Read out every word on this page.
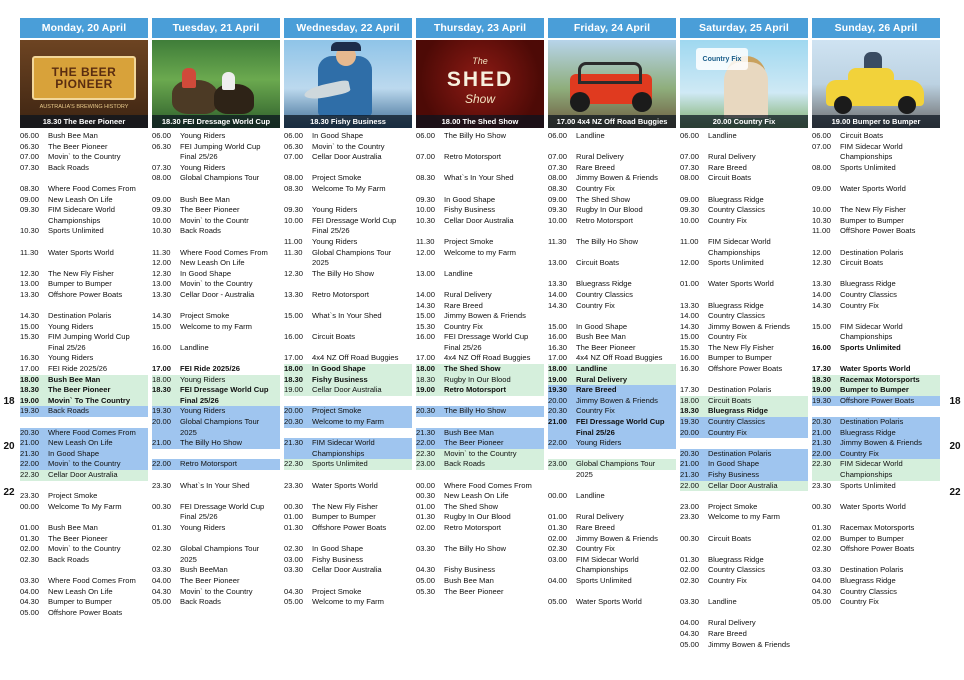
18
20
22
18
20
22
Monday, 20 April
THE BEER PIONEER
AUSTRALIA'S BREWING HISTORY
18.30 The Beer Pioneer
06.00	Bush Bee Man
06.30	The Beer Pioneer
07.00	Movin` to the Country
07.30	Back Roads
08.30	Where Food Comes From
09.00	New Leash On Life
09.30	FIM Sidecare World
Championships
10.30	Sports Unlimited
11.30	Water Sports World
12.30	The New Fly Fisher
13.00	Bumper to Bumper
13.30	Offshore Power Boats
14.30	Destination Polaris
15.00	Young Riders
15.30	FIM Jumping World Cup
Final 25/26
16.30	Young Riders
17.00	FEI Ride 2025/26
18.00	Bush Bee Man
18.30	The Beer Pioneer
19.00	Movin` To The Country
19.30	Back Roads
20.30	Where Food Comes From
21.00	New Leash On Life
21.30	In Good Shape
22.00	Movin` to the Country
22.30	Cellar Door Australia
23.30	Project Smoke
00.00	Welcome To My Farm
01.00	Bush Bee Man
01.30	The Beer Pioneer
02.00	Movin` to the Country
02.30	Back Roads
03.30	Where Food Comes From
04.00	New Leash On Life
04.30	Bumper to Bumper
05.00	Offshore Power Boats
Tuesday, 21 April
18.30 FEI Dressage World Cup
06.00	Young Riders
06.30	FEI Jumping World Cup
Final 25/26
07.30	Young Riders
08.00	Global Champions Tour
09.00	Bush Bee Man
09.30	The Beer Pioneer
10.00	Movin` to the Countr
10.30	Back Roads
11.30	Where Food Comes From
12.00	New Leash On Life
12.30	In Good Shape
13.00	Movin` to the Country
13.30	Cellar Door - Australia
14.30	Project Smoke
15.00	Welcome to my Farm
16.00	Landline
17.00	FEI Ride 2025/26
18.00	Young Riders
18.30	FEI Dressage World Cup
Final 25/26
19.30	Young Riders
20.00	Global Champions Tour
2025
21.00	The Billy Ho Show
22.00	Retro Motorsport
23.30	What`s In Your Shed
00.30	FEI Dressage World Cup
Final 25/26
01.30	Young Riders
02.30	Global Champions Tour
2025
03.30	Bush BeeMan
04.00	The Beer Pioneer
04.30	Movin` to the Country
05.00	Back Roads
Wednesday, 22 April
18.30 Fishy Business
06.00	In Good Shape
06.30	Movin` to the Country
07.00	Cellar Door Australia
08.00	Project Smoke
08.30	Welcome To My Farm
09.30	Young Riders
10.00	FEI Dressage World Cup
Final 25/26
11.00	Young Riders
11.30	Global Champions Tour
2025
12.30	The Billy Ho Show
13.30	Retro Motorsport
15.00	What`s In Your Shed
16.00	Circuit Boats
17.00	4x4 NZ Off Road Buggies
18.00	In Good Shape
18.30	Fishy Business
19.00	Cellar Door Australia
20.00	Project Smoke
20.30	Welcome to my Farm
21.30	FIM Sidecar World
Championships
22.30	Sports Unlimited
23.30	Water Sports World
00.30	The New Fly Fisher
01.00	Bumper to Bumper
01.30	Offshore Power Boats
02.30	In Good Shape
03.00	Fishy Business
03.30	Cellar Door Australia
04.30	Project Smoke
05.00	Welcome to my Farm
Thursday, 23 April
The
SHED
Show
18.00 The Shed Show
06.00	The Billy Ho Show
07.00	Retro Motorsport
08.30	What`s In Your Shed
09.30	In Good Shape
10.00	Fishy Business
10.30	Cellar Door Australia
11.30	Project Smoke
12.00	Welcome to my Farm
13.00	Landline
14.00	Rural Delivery
14.30	Rare Breed
15.00	Jimmy Bowen & Friends
15.30	Country Fix
16.00	FEI Dressage World Cup
Final 25/26
17.00	4x4 NZ Off Road Buggies
18.00	The Shed Show
18.30	Rugby In Our Blood
19.00	Retro Motorsport
20.30	The Billy Ho Show
21.30	Bush Bee Man
22.00	The Beer Pioneer
22.30	Movin` to the Country
23.00	Back Roads
00.00	Where Food Comes From
00.30	New Leash On Life
01.00	The Shed Show
01.30	Rugby In Our Blood
02.00	Retro Motorsport
03.30	The Billy Ho Show
04.30	Fishy Business
05.00	Bush Bee Man
05.30	The Beer Pioneer
Friday, 24 April
17.00 4x4 NZ Off Road Buggies
06.00	Landline
07.00	Rural Delivery
07.30	Rare Breed
08.00	Jimmy Bowen & Friends
08.30	Country Fix
09.00	The Shed Show
09.30	Rugby In Our Blood
10.00	Retro Motorsport
11.30	The Billy Ho Show
13.00	Circuit Boats
13.30	Bluegrass Ridge
14.00	Country Classics
14.30	Country Fix
15.00	In Good Shape
16.00	Bush Bee Man
16.30	The Beer Pioneer
17.00	4x4 NZ Off Road Buggies
18.00	Landline
19.00	Rural Delivery
19.30	Rare Breed
20.00	Jimmy Bowen & Friends
20.30	Country Fix
21.00	FEI Dressage World Cup
Final 25/26
22.00	Young Riders
23.00	Global Champions Tour
2025
00.00	Landline
01.00	Rural Delivery
01.30	Rare Breed
02.00	Jimmy Bowen & Friends
02.30	Country Fix
03.00	FIM Sidecar World
Championships
04.00	Sports Unlimited
05.00	Water Sports World
Saturday, 25 April
Country Fix
20.00 Country Fix
06.00	Landline
07.00	Rural Delivery
07.30	Rare Breed
08.00	Circuit Boats
09.00	Bluegrass Ridge
09.30	Country Classics
10.00	Country Fix
11.00	FIM Sidecar World
Championships
12.00	Sports Unlimited
01.00	Water Sports World
13.30	Bluegrass Ridge
14.00	Country Classics
14.30	Jimmy Bowen & Friends
15.00	Country Fix
15.30	The New Fly Fisher
16.00	Bumper to Bumper
16.30	Offshore Power Boats
17.30	Destination Polaris
18.00	Circuit Boats
18.30	Bluegrass Ridge
19.30	Country Classics
20.00	Country Fix
20.30	Destination Polaris
21.00	In Good Shape
21.30	Fishy Business
22.00	Cellar Door Australia
23.00	Project Smoke
23.30	Welcome to my Farm
00.30	Circuit Boats
01.30	Bluegrass Ridge
02.00	Country Classics
02.30	Country Fix
03.30	Landline
04.00	Rural Delivery
04.30	Rare Breed
05.00	Jimmy Bowen & Friends
Sunday, 26 April
19.00 Bumper to Bumper
06.00	Circuit Boats
07.00	FIM Sidecar World
Championships
08.00	Sports Unlimited
09.00	Water Sports World
10.00	The New Fly Fisher
10.30	Bumper to Bumper
11.00	OffShore Power Boats
12.00	Destination Polaris
12.30	Circuit Boats
13.30	Bluegrass Ridge
14.00	Country Classics
14.30	Country Fix
15.00	FIM Sidecar World
Championships
16.00	Sports Unlimited
17.30	Water Sports World
18.30	Racemax Motorsports
19.00	Bumper to Bumper
19.30	Offshore Power Boats
20.30	Destination Polaris
21.00	Bluegrass Ridge
21.30	Jimmy Bowen & Friends
22.00	Country Fix
22.30	FIM Sidecar World
Championships
23.30	Sports Unlimited
00.30	Water Sports World
01.30	Racemax Motorsports
02.00	Bumper to Bumper
02.30	Offshore Power Boats
03.30	Destination Polaris
04.00	Bluegrass Ridge
04.30	Country Classics
05.00	Country Fix
